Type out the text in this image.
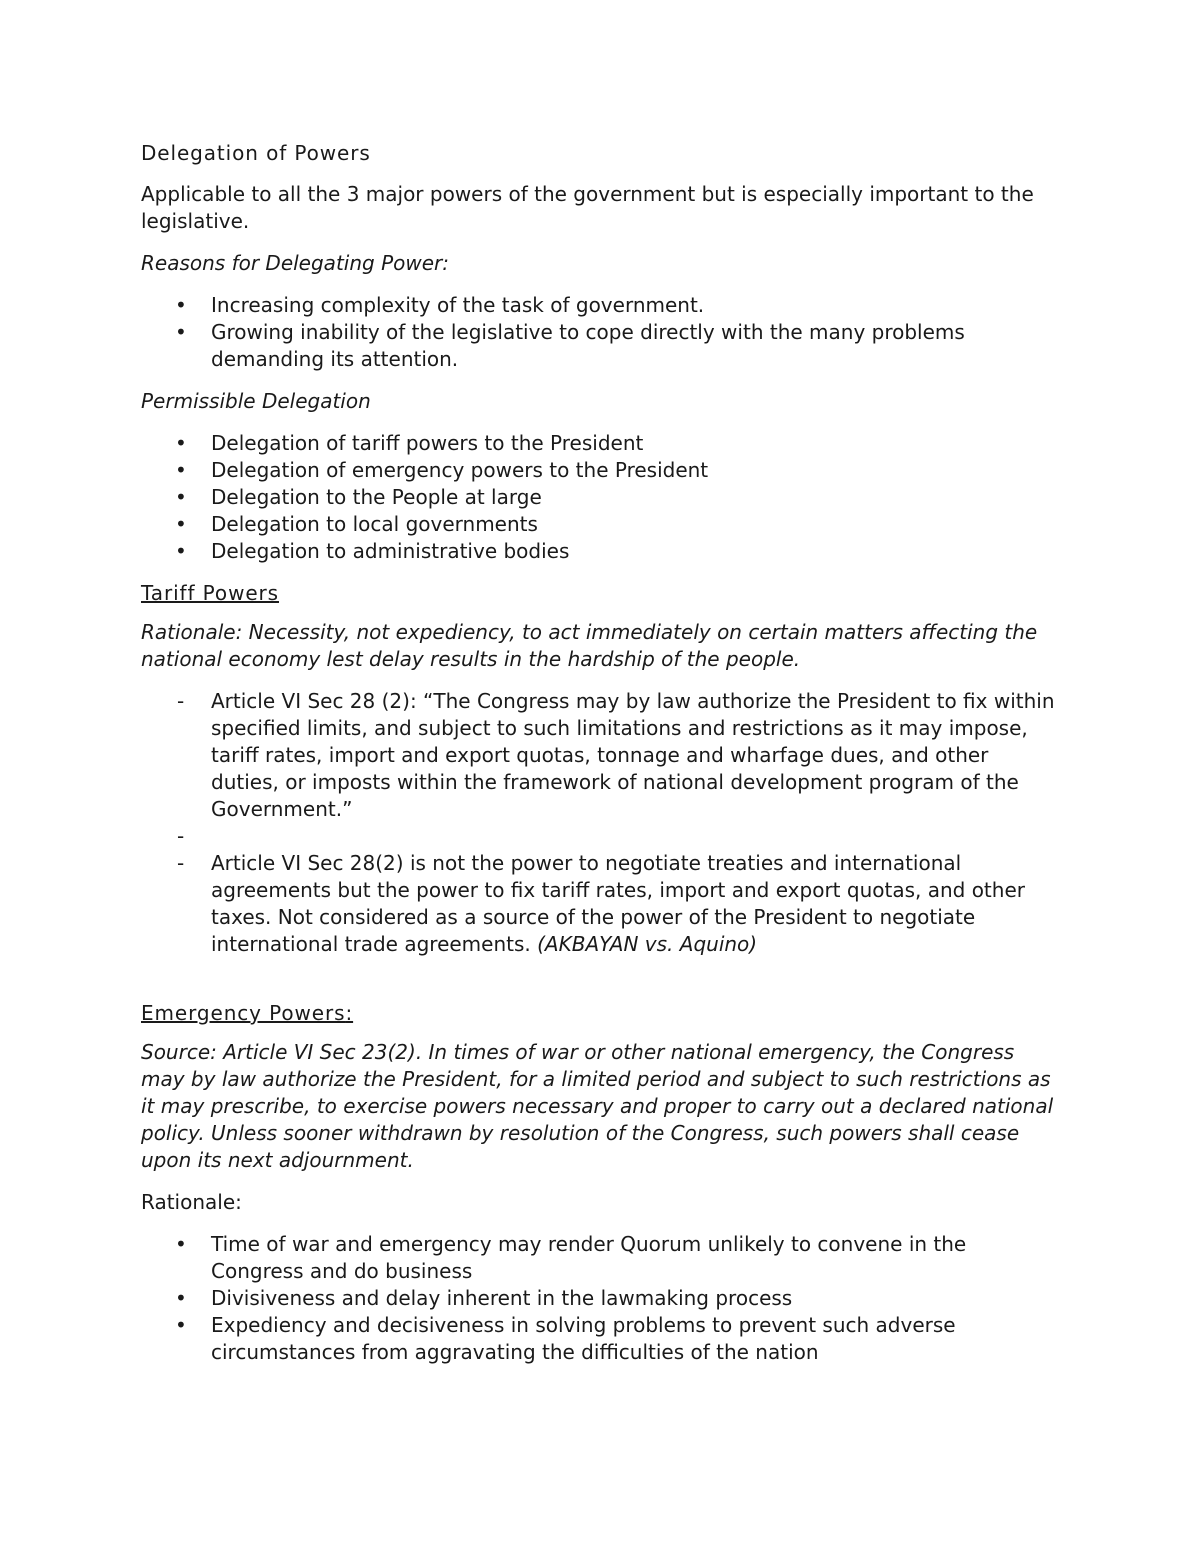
Delegation of Powers

Applicable to all the 3 major powers of the government but is especially important to the legislative.

Reasons for Delegating Power:

• Increasing complexity of the task of government.
• Growing inability of the legislative to cope directly with the many problems demanding its attention.

Permissible Delegation

• Delegation of tariff powers to the President
• Delegation of emergency powers to the President
• Delegation to the People at large
• Delegation to local governments
• Delegation to administrative bodies

Tariff Powers

Rationale: Necessity, not expediency, to act immediately on certain matters affecting the national economy lest delay results in the hardship of the people.

- Article VI Sec 28 (2): “The Congress may by law authorize the President to fix within specified limits, and subject to such limitations and restrictions as it may impose, tariff rates, import and export quotas, tonnage and wharfage dues, and other duties, or imposts within the framework of national development program of the Government.”
-
- Article VI Sec 28(2) is not the power to negotiate treaties and international agreements but the power to fix tariff rates, import and export quotas, and other taxes. Not considered as a source of the power of the President to negotiate international trade agreements. (AKBAYAN vs. Aquino)

Emergency Powers:

Source: Article VI Sec 23(2). In times of war or other national emergency, the Congress may by law authorize the President, for a limited period and subject to such restrictions as it may prescribe, to exercise powers necessary and proper to carry out a declared national policy. Unless sooner withdrawn by resolution of the Congress, such powers shall cease upon its next adjournment.

Rationale:

• Time of war and emergency may render Quorum unlikely to convene in the Congress and do business
• Divisiveness and delay inherent in the lawmaking process
• Expediency and decisiveness in solving problems to prevent such adverse circumstances from aggravating the difficulties of the nation
